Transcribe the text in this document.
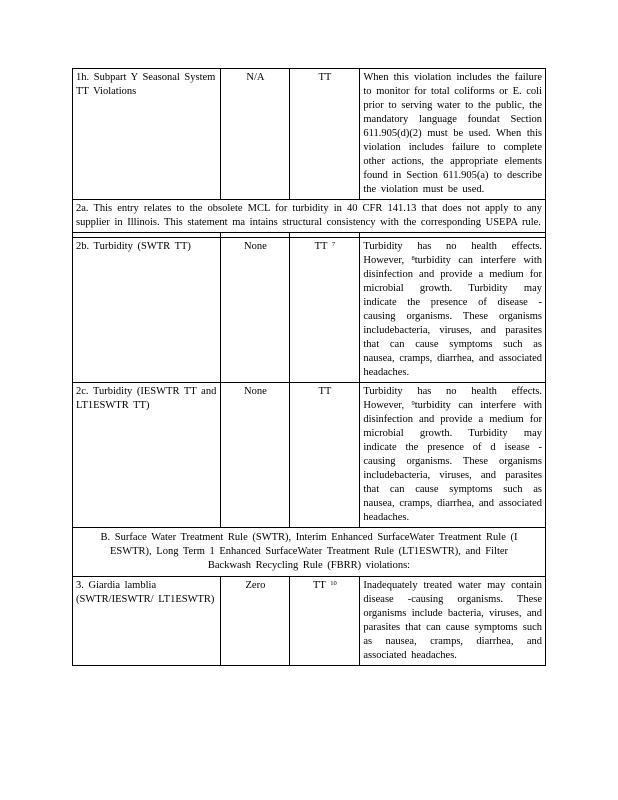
1h. Subpart Y Seasonal System TT Violations	N/A	TT	When this violation includes the failure to monitor for total coliforms or E. coli prior to serving water to the public, the mandatory language foundat Section 611.905(d)(2) must be used. When this violation includes failure to complete other actions, the appropriate elements found in Section 611.905(a) to describe the violation must be used.
2a. This entry relates to the obsolete MCL for turbidity in 40 CFR 141.13 that does not apply to any supplier in Illinois. This statement ma intains structural consistency with the corresponding USEPA rule.			

2b. Turbidity (SWTR TT)	None	TT $^7$	Turbidity has no health effects. However, $^8$turbidity can interfere with disinfection and provide a medium for microbial growth. Turbidity may indicate the presence of disease -causing organisms. These organisms includebacteria, viruses, and parasites that can cause symptoms such as nausea, cramps, diarrhea, and associated headaches.
2c. Turbidity (IESWTR TT and LT1ESWTR TT)	None	TT	Turbidity has no health effects. However, $^9$turbidity can interfere with disinfection and provide a medium for microbial growth. Turbidity may indicate the presence of d isease -causing organisms. These organisms includebacteria, viruses, and parasites that can cause symptoms such as nausea, cramps, diarrhea, and associated headaches.
B. Surface Water Treatment Rule (SWTR), Interim Enhanced SurfaceWater Treatment Rule (I ESWTR), Long Term 1 Enhanced SurfaceWater Treatment Rule (LT1ESWTR), and Filter Backwash Recycling Rule (FBRR) violations:			
3. Giardia lamblia (SWTR/IESWTR/ LT1ESWTR)	Zero	TT $^{10}$	Inadequately treated water may contain disease -causing organisms. These organisms include bacteria, viruses, and parasites that can cause symptoms such as nausea, cramps, diarrhea, and associated headaches.
